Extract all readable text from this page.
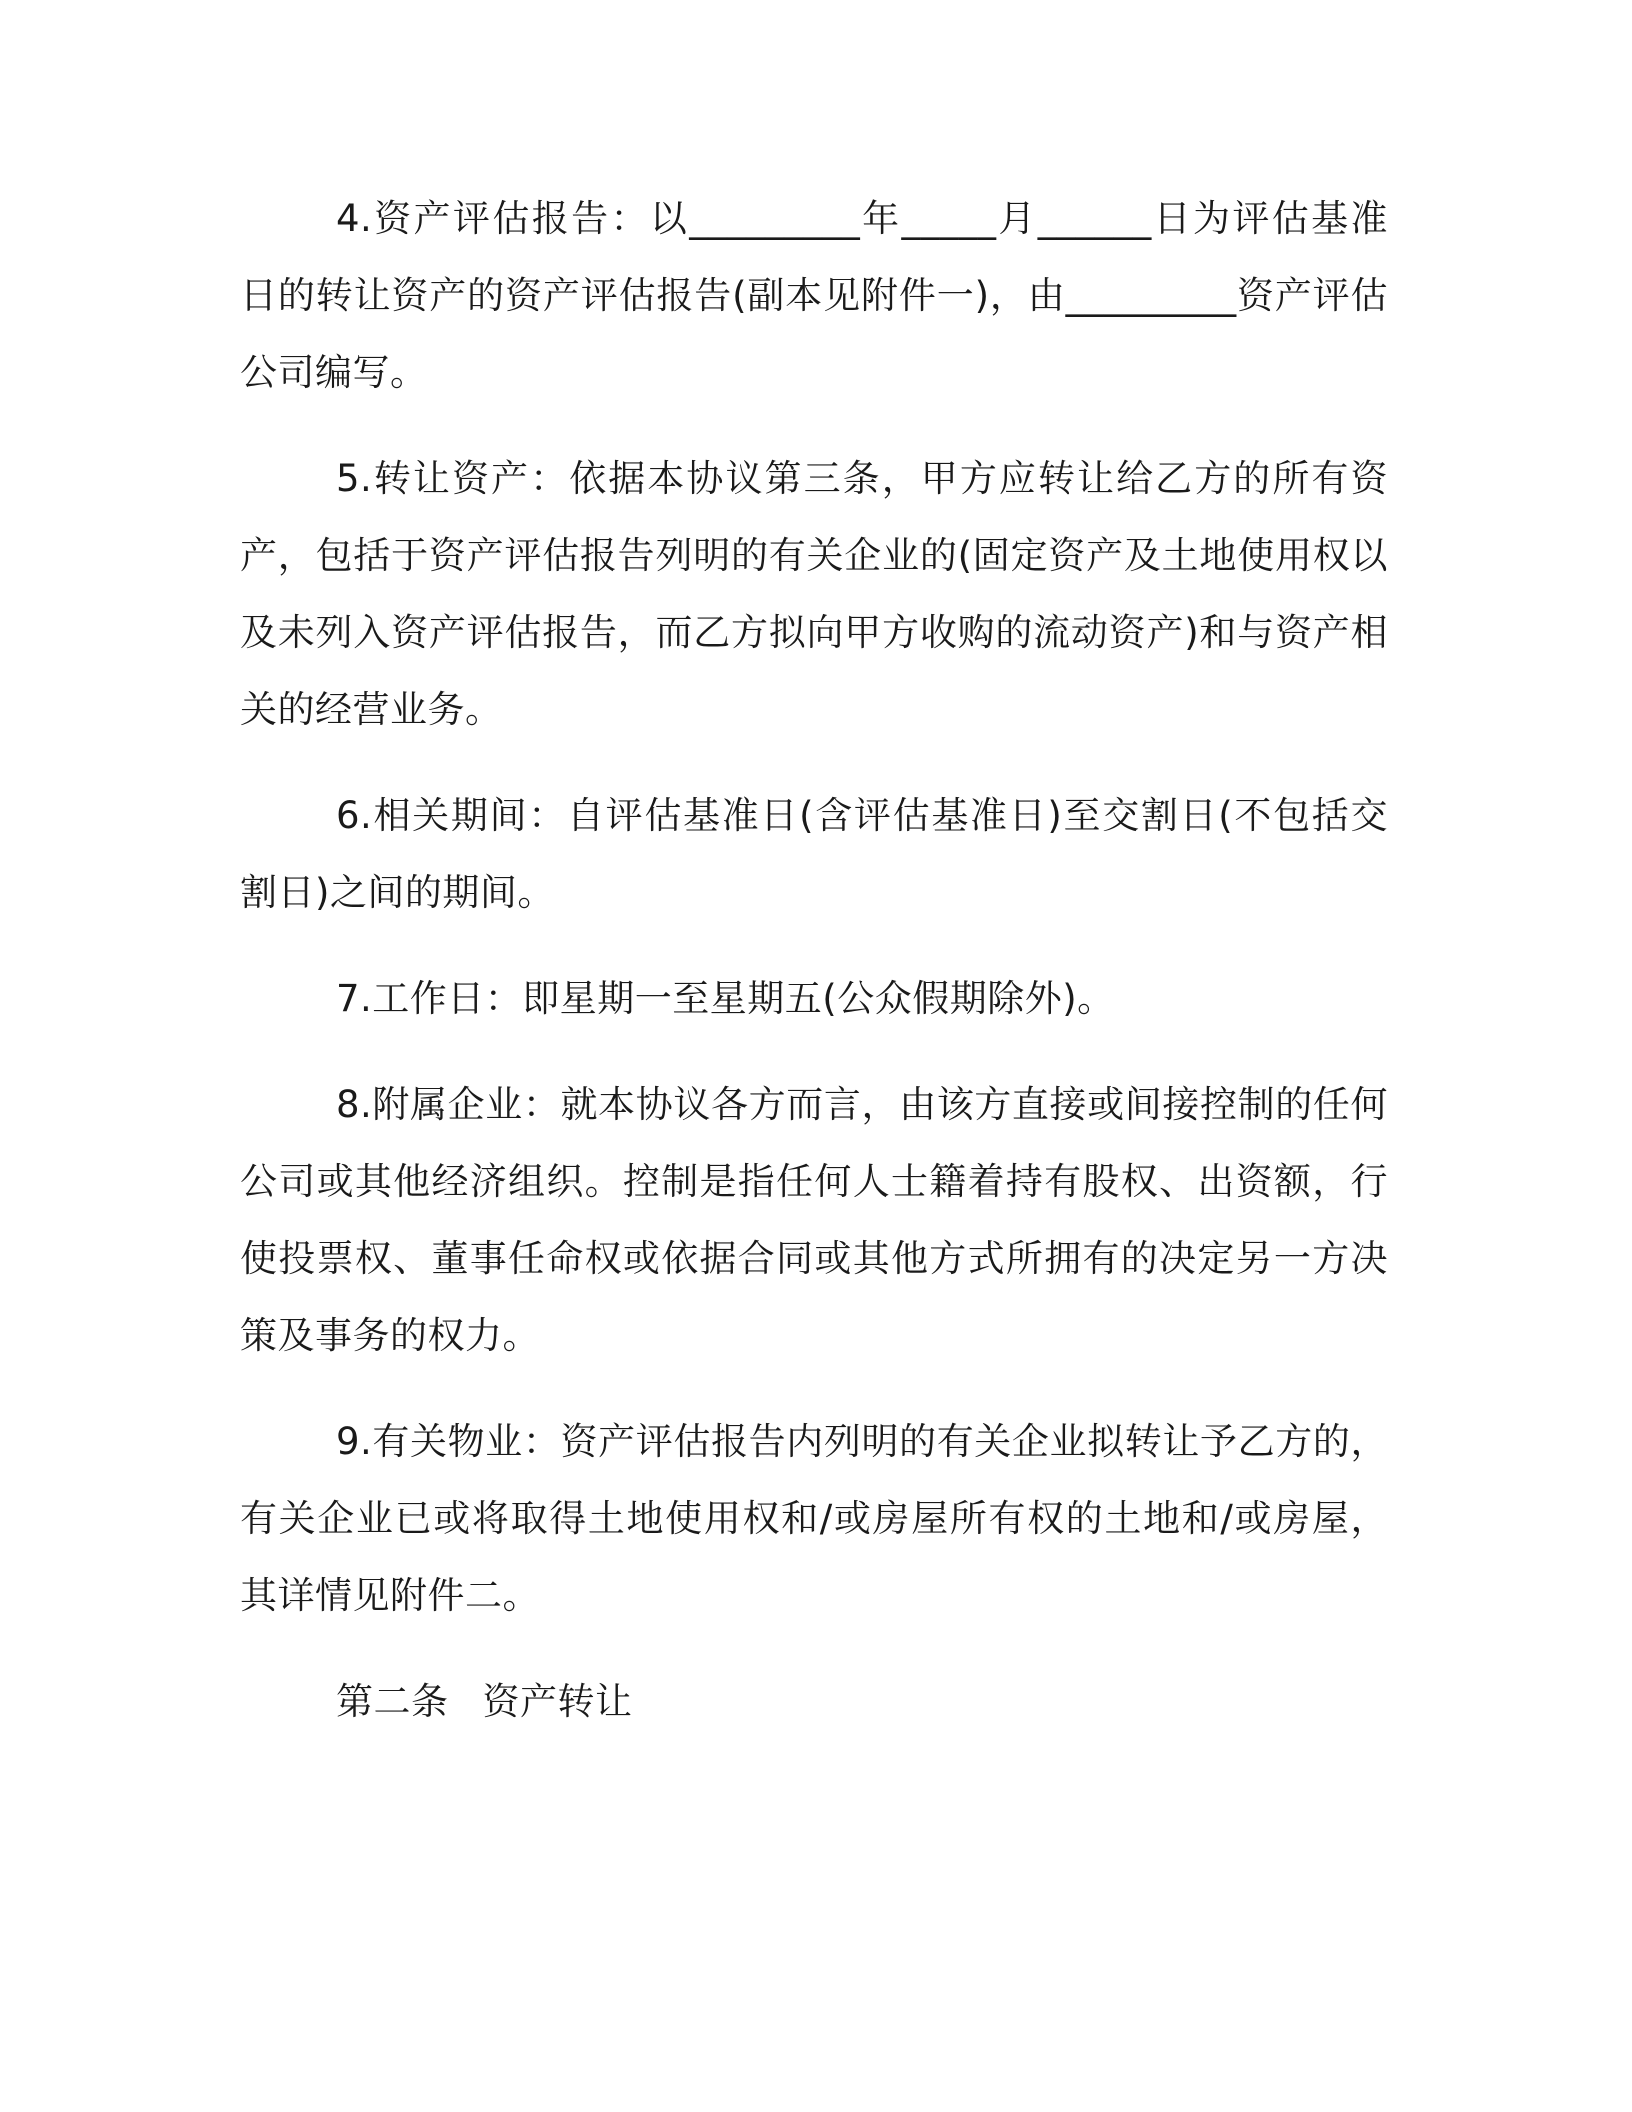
4.资产评估报告：以_________年_____月______日为评估基准日的转让资产的资产评估报告(副本见附件一)，由_________资产评估公司编写。

5.转让资产：依据本协议第三条，甲方应转让给乙方的所有资产，包括于资产评估报告列明的有关企业的(固定资产及土地使用权以及未列入资产评估报告，而乙方拟向甲方收购的流动资产)和与资产相关的经营业务。

6.相关期间：自评估基准日(含评估基准日)至交割日(不包括交割日)之间的期间。

7.工作日：即星期一至星期五(公众假期除外)。

8.附属企业：就本协议各方而言，由该方直接或间接控制的任何公司或其他经济组织。控制是指任何人士籍着持有股权、出资额，行使投票权、董事任命权或依据合同或其他方式所拥有的决定另一方决策及事务的权力。

9.有关物业：资产评估报告内列明的有关企业拟转让予乙方的，有关企业已或将取得土地使用权和/或房屋所有权的土地和/或房屋，其详情见附件二。

第二条 资产转让
